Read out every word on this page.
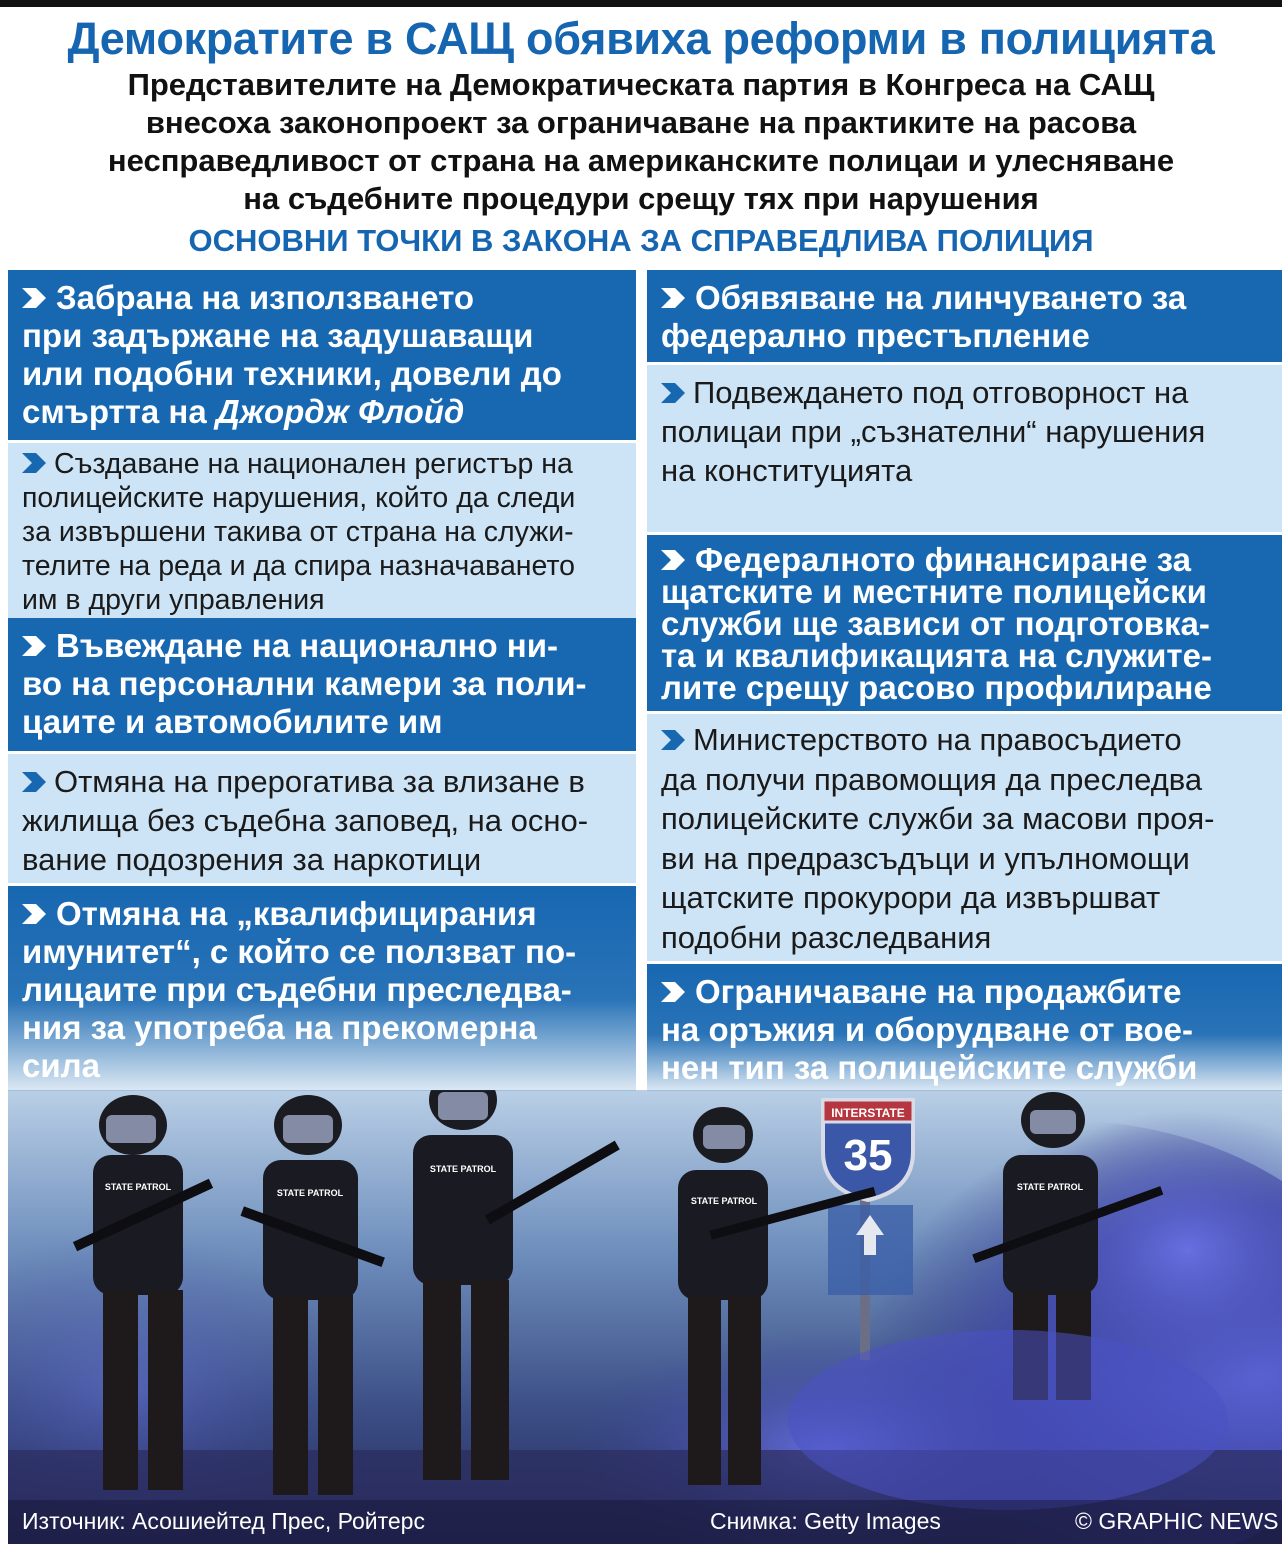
Демократите в САЩ обявиха реформи в полицията
Представителите на Демократическата партия в Конгреса на САЩ
внесоха законопроект за ограничаване на практиките на расова
несправедливост от страна на американските полицаи и улесняване
на съдебните процедури срещу тях при нарушения
ОСНОВНИ ТОЧКИ В ЗАКОНА ЗА СПРАВЕДЛИВА ПОЛИЦИЯ
INTERSTATE
35
STATE PATROL
STATE PATROL
STATE PATROL
STATE PATROL
STATE PATROL
Забрана на използването
при задържане на задушаващи
или подобни техники, довели до
смъртта на Джордж Флойд
Създаване на национален регистър на
полицейските нарушения, който да следи
за извършени такива от страна на служи-
телите на реда и да спира назначаването
им в други управления
Въвеждане на национално ни-
во на персонални камери за поли-
цаите и автомобилите им
Отмяна на прерогатива за влизане в
жилища без съдебна заповед, на осно-
вание подозрения за наркотици
Отмяна на „квалифицирания
имунитет“, с който се ползват по-
лицаите при съдебни преследва-
ния за употреба на прекомерна
сила
Обявяване на линчуването за
федерално престъпление
Подвеждането под отговорност на
полицаи при „съзнателни“ нарушения
на конституцията
Федералното финансиране за
щатските и местните полицейски
служби ще зависи от подготовка-
та и квалификацията на служите-
лите срещу расово профилиране
Министерството на правосъдието
да получи правомощия да преследва
полицейските служби за масови проя-
ви на предразсъдъци и упълномощи
щатските прокурори да извършват
подобни разследвания
Ограничаване на продажбите
на оръжия и оборудване от вое-
нен тип за полицейските служби
Източник: Асошиейтед Прес, Ройтерс	Снимка: Getty Images	© GRAPHIC NEWS
